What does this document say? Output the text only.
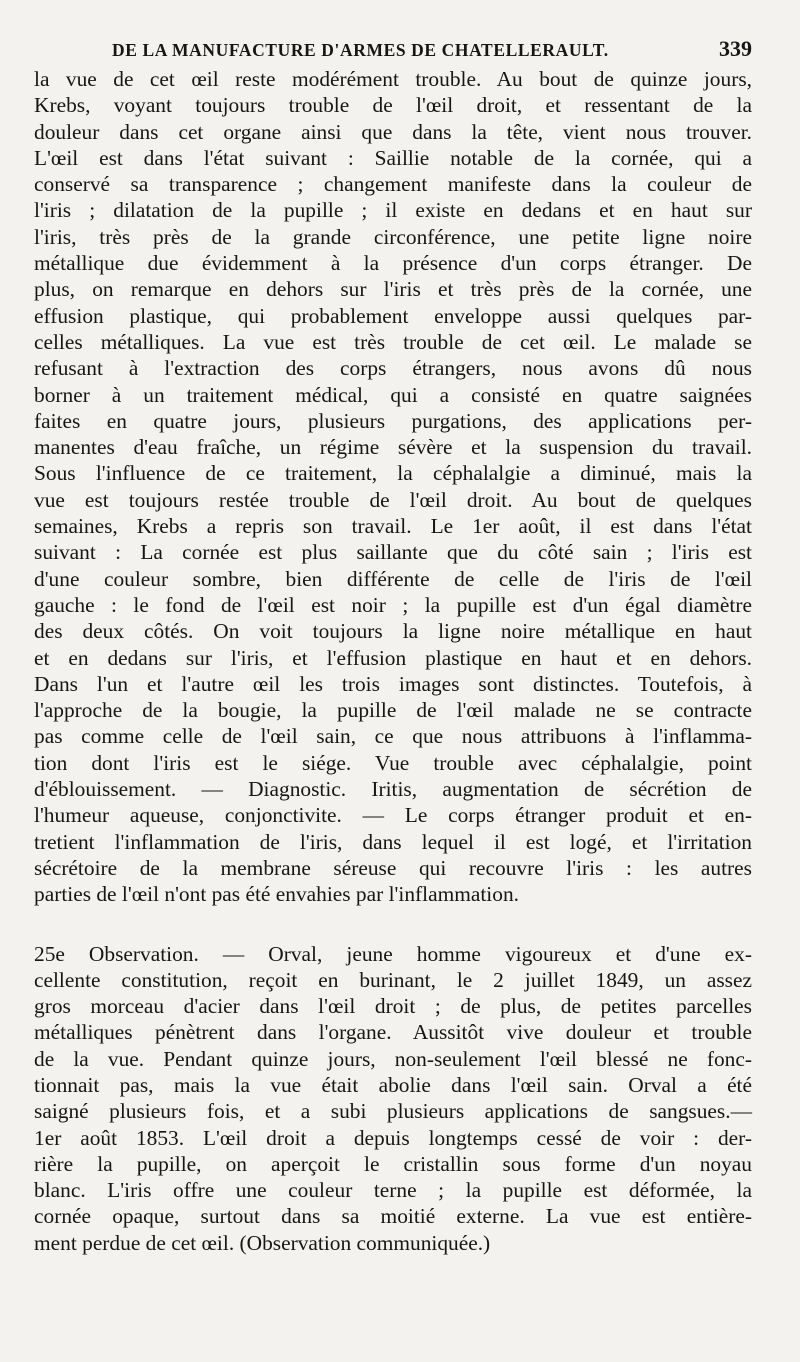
DE LA MANUFACTURE D'ARMES DE CHATELLERAULT.	339

la vue de cet œil reste modérément trouble. Au bout de quinze jours,
Krebs, voyant toujours trouble de l'œil droit, et ressentant de la
douleur dans cet organe ainsi que dans la tête, vient nous trouver.
L'œil est dans l'état suivant : Saillie notable de la cornée, qui a
conservé sa transparence ; changement manifeste dans la couleur de
l'iris ; dilatation de la pupille ; il existe en dedans et en haut sur
l'iris, très près de la grande circonférence, une petite ligne noire
métallique due évidemment à la présence d'un corps étranger. De
plus, on remarque en dehors sur l'iris et très près de la cornée, une
effusion plastique, qui probablement enveloppe aussi quelques par-
celles métalliques. La vue est très trouble de cet œil. Le malade se
refusant à l'extraction des corps étrangers, nous avons dû nous
borner à un traitement médical, qui a consisté en quatre saignées
faites en quatre jours, plusieurs purgations, des applications per-
manentes d'eau fraîche, un régime sévère et la suspension du travail.
Sous l'influence de ce traitement, la céphalalgie a diminué, mais la
vue est toujours restée trouble de l'œil droit. Au bout de quelques
semaines, Krebs a repris son travail. Le 1er août, il est dans l'état
suivant : La cornée est plus saillante que du côté sain ; l'iris est
d'une couleur sombre, bien différente de celle de l'iris de l'œil
gauche : le fond de l'œil est noir ; la pupille est d'un égal diamètre
des deux côtés. On voit toujours la ligne noire métallique en haut
et en dedans sur l'iris, et l'effusion plastique en haut et en dehors.
Dans l'un et l'autre œil les trois images sont distinctes. Toutefois, à
l'approche de la bougie, la pupille de l'œil malade ne se contracte
pas comme celle de l'œil sain, ce que nous attribuons à l'inflamma-
tion dont l'iris est le siége. Vue trouble avec céphalalgie, point
d'éblouissement. — Diagnostic. Iritis, augmentation de sécrétion de
l'humeur aqueuse, conjonctivite. — Le corps étranger produit et en-
tretient l'inflammation de l'iris, dans lequel il est logé, et l'irritation
sécrétoire de la membrane séreuse qui recouvre l'iris : les autres
parties de l'œil n'ont pas été envahies par l'inflammation.

25e Observation. — Orval, jeune homme vigoureux et d'une ex-
cellente constitution, reçoit en burinant, le 2 juillet 1849, un assez
gros morceau d'acier dans l'œil droit ; de plus, de petites parcelles
métalliques pénètrent dans l'organe. Aussitôt vive douleur et trouble
de la vue. Pendant quinze jours, non-seulement l'œil blessé ne fonc-
tionnait pas, mais la vue était abolie dans l'œil sain. Orval a été
saigné plusieurs fois, et a subi plusieurs applications de sangsues.—
1er août 1853. L'œil droit a depuis longtemps cessé de voir : der-
rière la pupille, on aperçoit le cristallin sous forme d'un noyau
blanc. L'iris offre une couleur terne ; la pupille est déformée, la
cornée opaque, surtout dans sa moitié externe. La vue est entière-
ment perdue de cet œil. (Observation communiquée.)
